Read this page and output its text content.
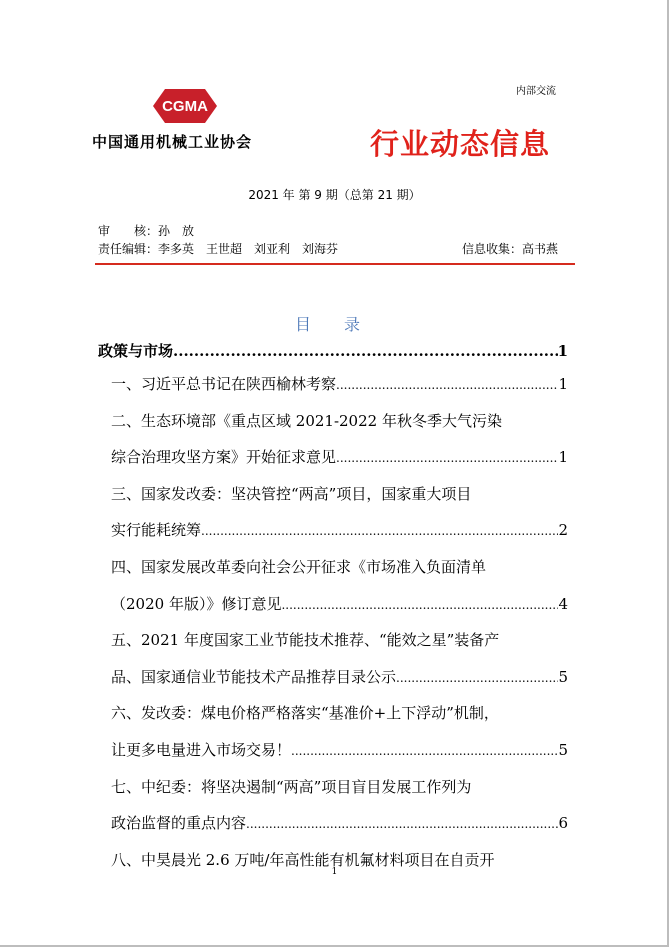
内部交流
CGMA
中国通用机械工业协会	行业动态信息
2021 年 第 9 期（总第 21 期）
审　　核：孙　放
责任编辑：李多英　王世超　刘亚利　刘海芬	信息收集：高书燕
目 录
政策与市场 .....	1
一、习近平总书记在陕西榆林考察 .....	1
二、生态环境部《重点区域 2021-2022 年秋冬季大气污染
综合治理攻坚方案》开始征求意见 .....	1
三、国家发改委：坚决管控“两高”项目，国家重大项目
实行能耗统筹 .....	2
四、国家发展改革委向社会公开征求《市场准入负面清单
（2020 年版）》修订意见 .....	4
五、2021 年度国家工业节能技术推荐、“能效之星”装备产
品、国家通信业节能技术产品推荐目录公示 .....	5
六、发改委：煤电价格严格落实“基准价+上下浮动”机制，
让更多电量进入市场交易！ .....	5
七、中纪委：将坚决遏制“两高”项目盲目发展工作列为
政治监督的重点内容 .....	6
八、中昊晨光 2.6 万吨/年高性能有机氟材料项目在自贡开
1
